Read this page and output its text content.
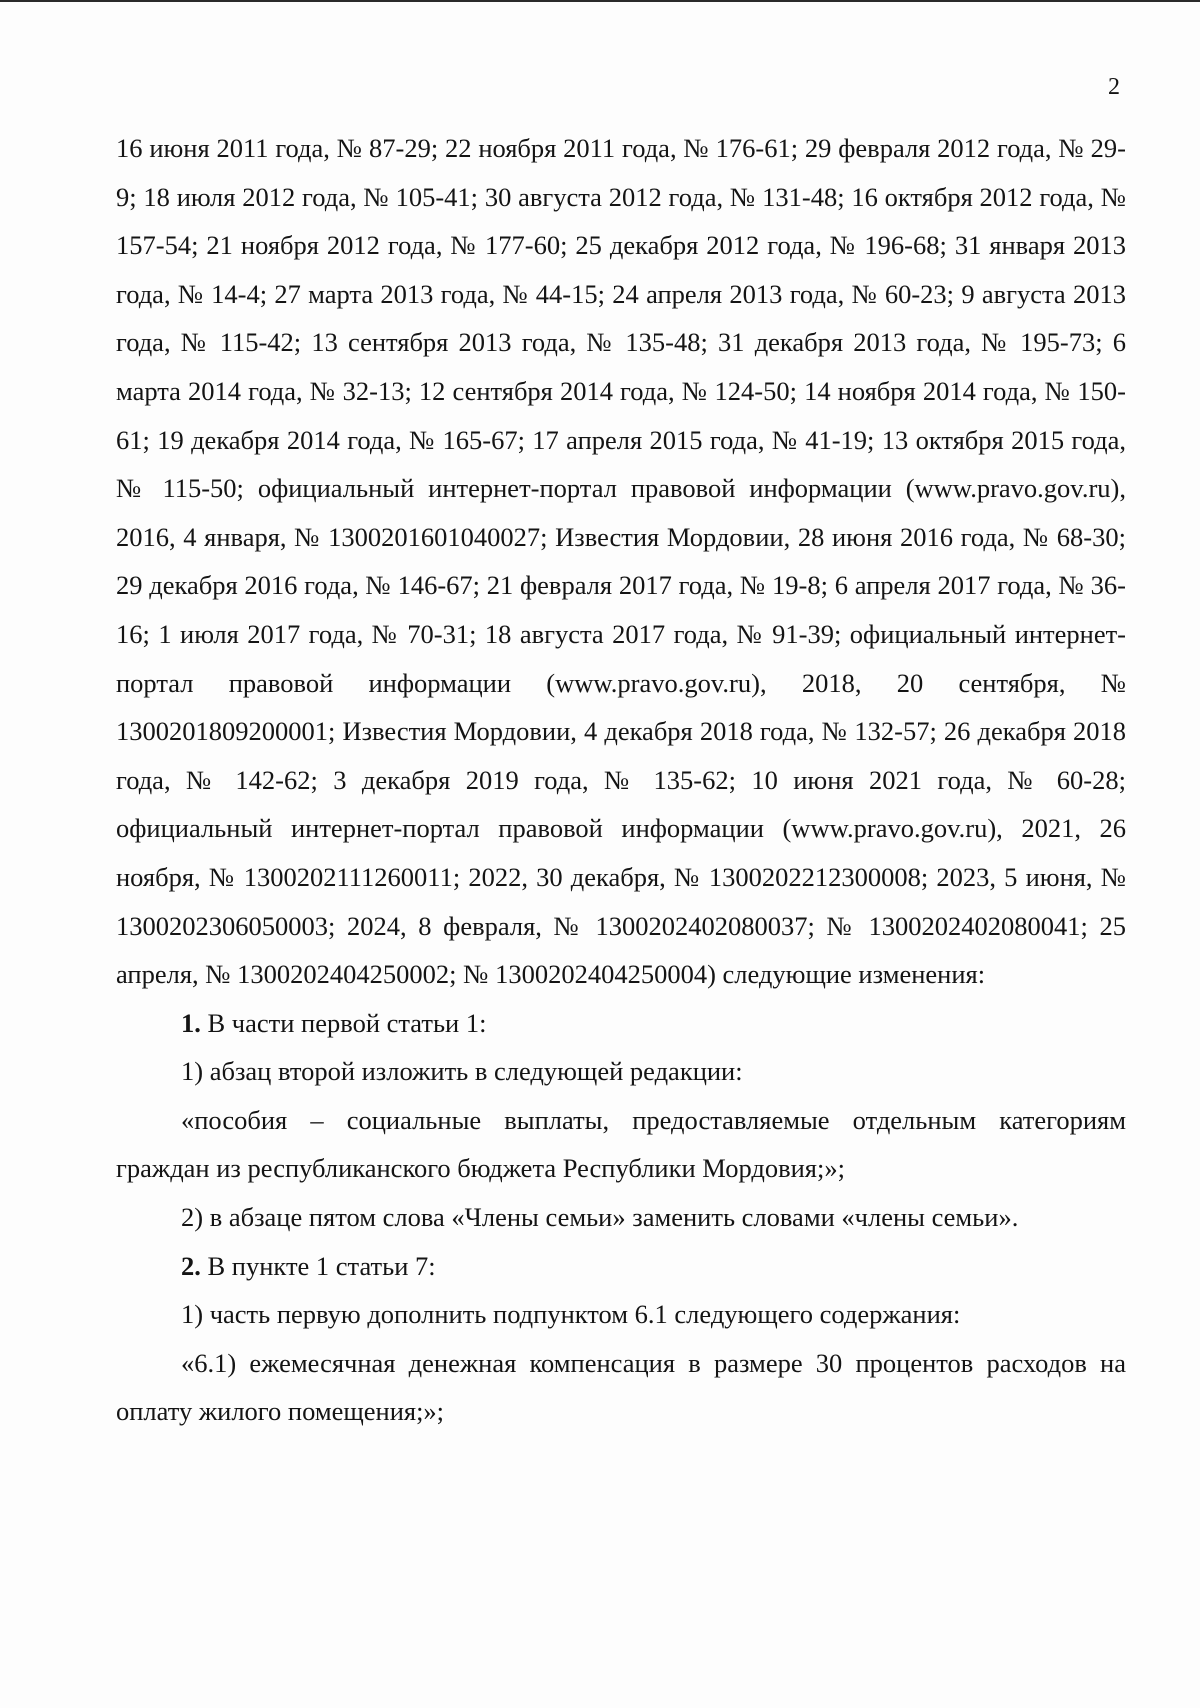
2

16 июня 2011 года, № 87-29; 22 ноября 2011 года, № 176-61; 29 февраля 2012 года, № 29-9; 18 июля 2012 года, № 105-41; 30 августа 2012 года, № 131-48; 16 октября 2012 года, № 157-54; 21 ноября 2012 года, № 177-60; 25 декабря 2012 года, № 196-68; 31 января 2013 года, № 14-4; 27 марта 2013 года, № 44-15; 24 апреля 2013 года, № 60-23; 9 августа 2013 года, № 115-42; 13 сентября 2013 года, № 135-48; 31 декабря 2013 года, № 195-73; 6 марта 2014 года, № 32-13; 12 сентября 2014 года, № 124-50; 14 ноября 2014 года, № 150-61; 19 декабря 2014 года, № 165-67; 17 апреля 2015 года, № 41-19; 13 октября 2015 года, № 115-50; официальный интернет-портал правовой информации (www.pravo.gov.ru), 2016, 4 января, № 1300201601040027; Известия Мордовии, 28 июня 2016 года, № 68-30; 29 декабря 2016 года, № 146-67; 21 февраля 2017 года, № 19-8; 6 апреля 2017 года, № 36-16; 1 июля 2017 года, № 70-31; 18 августа 2017 года, № 91-39; официальный интернет-портал правовой информации (www.pravo.gov.ru), 2018, 20 сентября, № 1300201809200001; Известия Мордовии, 4 декабря 2018 года, № 132-57; 26 декабря 2018 года, № 142-62; 3 декабря 2019 года, № 135-62; 10 июня 2021 года, № 60-28; официальный интернет-портал правовой информации (www.pravo.gov.ru), 2021, 26 ноября, № 1300202111260011; 2022, 30 декабря, № 1300202212300008; 2023, 5 июня, № 1300202306050003; 2024, 8 февраля, № 1300202402080037; № 1300202402080041; 25 апреля, № 1300202404250002; № 1300202404250004) следующие изменения:

1. В части первой статьи 1:

1) абзац второй изложить в следующей редакции:

«пособия – социальные выплаты, предоставляемые отдельным категориям граждан из республиканского бюджета Республики Мордовия;»;

2) в абзаце пятом слова «Члены семьи» заменить словами «члены семьи».

2. В пункте 1 статьи 7:

1) часть первую дополнить подпунктом 6.1 следующего содержания:

«6.1) ежемесячная денежная компенсация в размере 30 процентов расходов на оплату жилого помещения;»;
